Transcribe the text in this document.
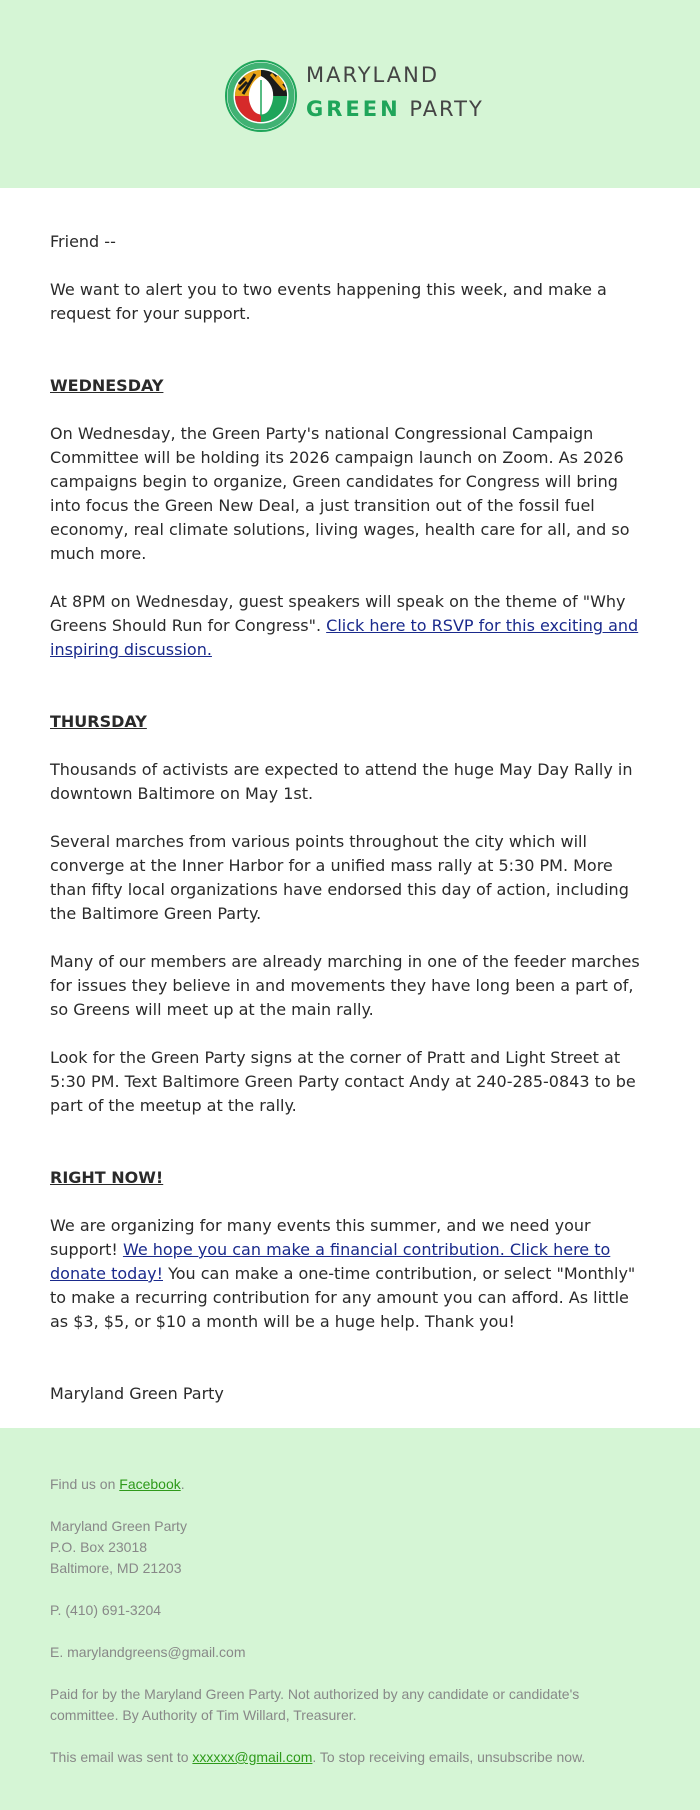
MARYLAND
GREEN PARTY

Friend --

We want to alert you to two events happening this week, and make a request for your support.

WEDNESDAY

On Wednesday, the Green Party's national Congressional Campaign Committee will be holding its 2026 campaign launch on Zoom. As 2026 campaigns begin to organize, Green candidates for Congress will bring into focus the Green New Deal, a just transition out of the fossil fuel economy, real climate solutions, living wages, health care for all, and so much more.

At 8PM on Wednesday, guest speakers will speak on the theme of "Why Greens Should Run for Congress". Click here to RSVP for this exciting and inspiring discussion.

THURSDAY

Thousands of activists are expected to attend the huge May Day Rally in downtown Baltimore on May 1st.

Several marches from various points throughout the city which will converge at the Inner Harbor for a unified mass rally at 5:30 PM. More than fifty local organizations have endorsed this day of action, including the Baltimore Green Party.

Many of our members are already marching in one of the feeder marches for issues they believe in and movements they have long been a part of, so Greens will meet up at the main rally.

Look for the Green Party signs at the corner of Pratt and Light Street at 5:30 PM. Text Baltimore Green Party contact Andy at 240-285-0843 to be part of the meetup at the rally.

RIGHT NOW!

We are organizing for many events this summer, and we need your support! We hope you can make a financial contribution. Click here to donate today! You can make a one-time contribution, or select "Monthly" to make a recurring contribution for any amount you can afford. As little as $3, $5, or $10 a month will be a huge help. Thank you!

Maryland Green Party

Find us on Facebook.

Maryland Green Party
P.O. Box 23018
Baltimore, MD 21203

P. (410) 691-3204

E. marylandgreens@gmail.com

Paid for by the Maryland Green Party. Not authorized by any candidate or candidate's committee. By Authority of Tim Willard, Treasurer.

This email was sent to xxxxxx@gmail.com. To stop receiving emails, unsubscribe now.
